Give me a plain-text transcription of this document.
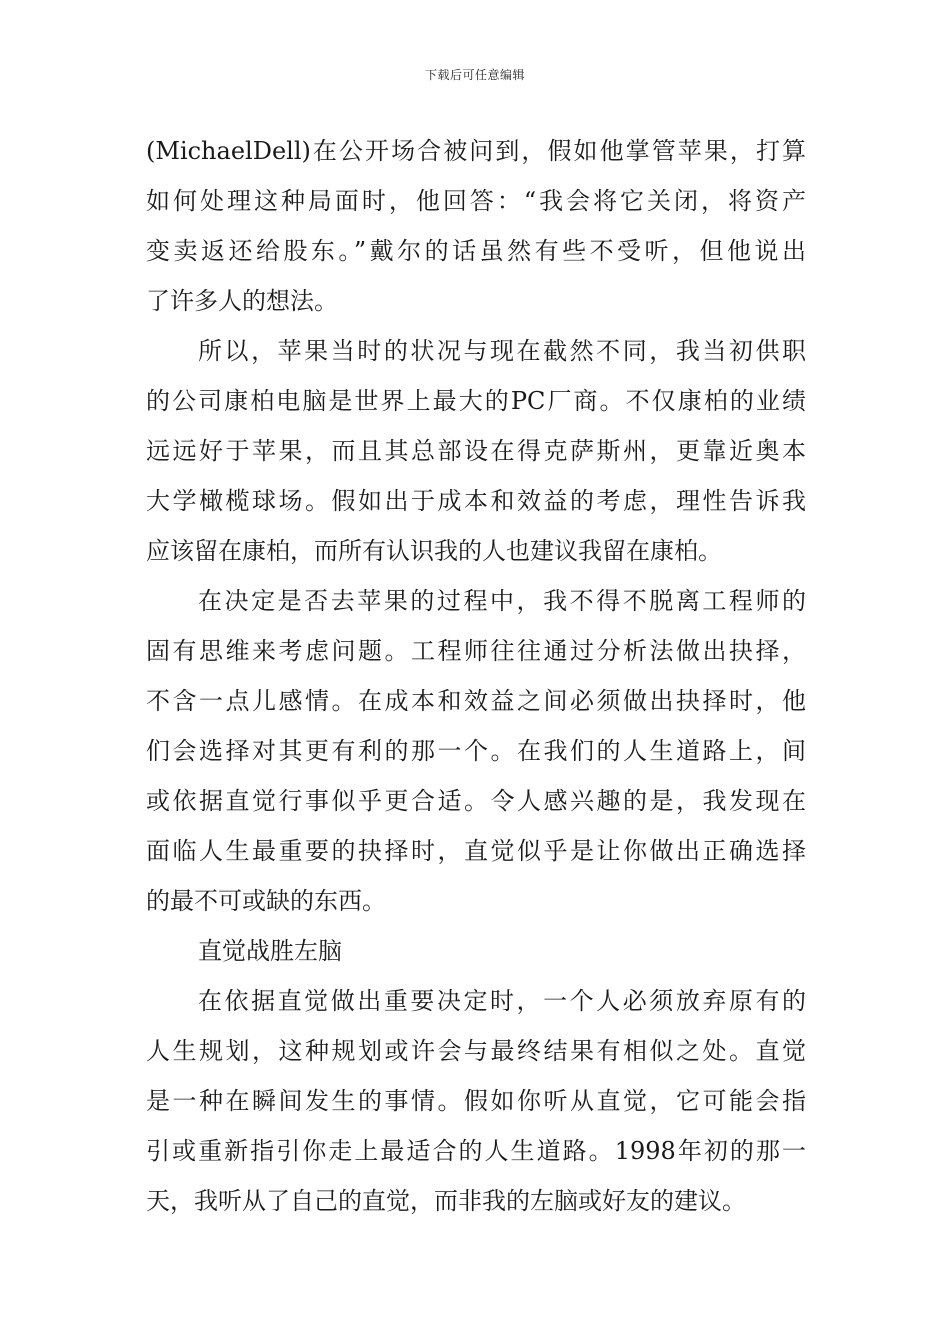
下载后可任意编辑
(MichaelDell)在公开场合被问到，假如他掌管苹果，打算
如何处理这种局面时，他回答：“我会将它关闭，将资产
变卖返还给股东。”戴尔的话虽然有些不受听，但他说出
了许多人的想法。
所以，苹果当时的状况与现在截然不同，我当初供职
的公司康柏电脑是世界上最大的PC厂商。不仅康柏的业绩
远远好于苹果，而且其总部设在得克萨斯州，更靠近奥本
大学橄榄球场。假如出于成本和效益的考虑，理性告诉我
应该留在康柏，而所有认识我的人也建议我留在康柏。
在决定是否去苹果的过程中，我不得不脱离工程师的
固有思维来考虑问题。工程师往往通过分析法做出抉择，
不含一点儿感情。在成本和效益之间必须做出抉择时，他
们会选择对其更有利的那一个。在我们的人生道路上，间
或依据直觉行事似乎更合适。令人感兴趣的是，我发现在
面临人生最重要的抉择时，直觉似乎是让你做出正确选择
的最不可或缺的东西。
直觉战胜左脑
在依据直觉做出重要决定时，一个人必须放弃原有的
人生规划，这种规划或许会与最终结果有相似之处。直觉
是一种在瞬间发生的事情。假如你听从直觉，它可能会指
引或重新指引你走上最适合的人生道路。1998年初的那一
天，我听从了自己的直觉，而非我的左脑或好友的建议。
